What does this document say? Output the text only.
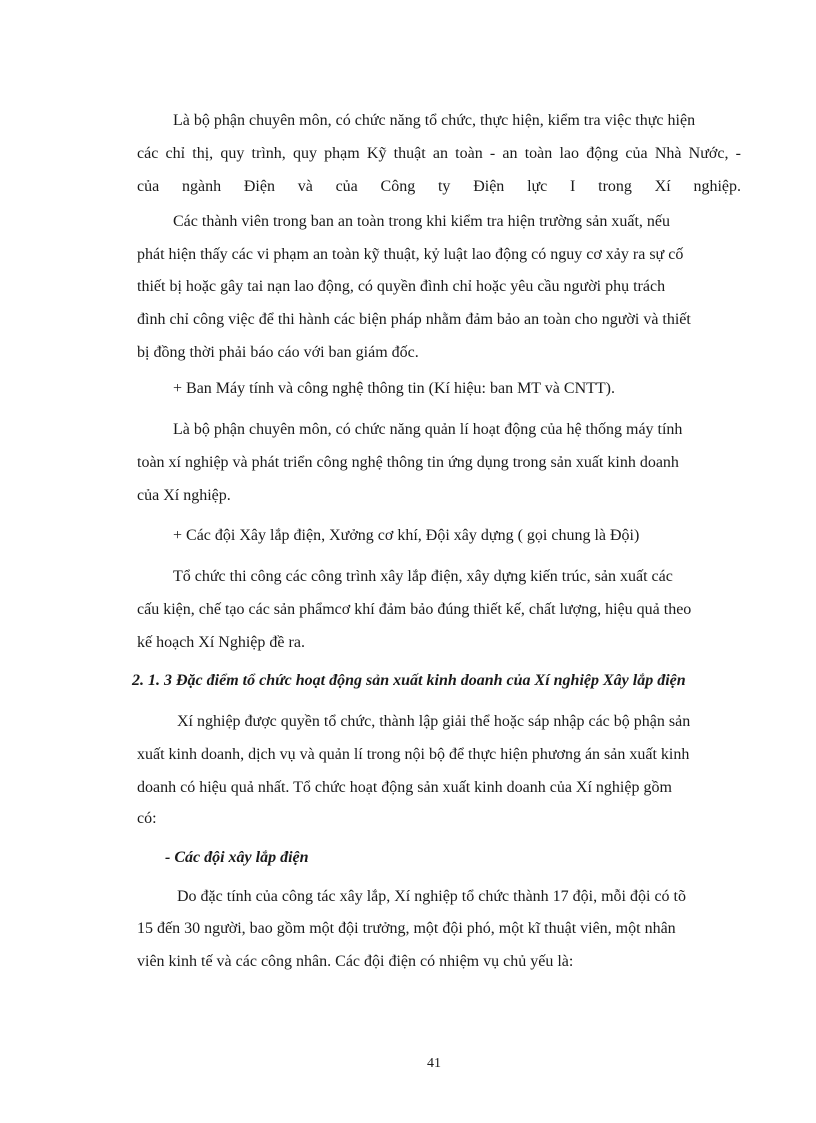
Là bộ phận chuyên môn, có chức năng tổ chức, thực hiện, kiểm tra việc thực hiện

các chỉ thị, quy trình, quy phạm Kỹ thuật an toàn - an toàn lao động của Nhà Nước, -

của ngành Điện và của Công ty Điện lực I trong Xí nghiệp.

Các thành viên trong ban an toàn trong khi kiểm tra hiện trường sản xuất, nếu

phát hiện thấy các vi phạm an toàn kỹ thuật, kỷ luật lao động có nguy cơ xảy ra sự cố

thiết bị hoặc gây tai nạn lao động, có quyền đình chỉ hoặc yêu cầu người phụ trách

đình chỉ công việc để thi hành các biện pháp nhằm đảm bảo an toàn cho người và thiết

bị đồng thời phải báo cáo với ban giám đốc.

+ Ban Máy tính và công nghệ thông tin (Kí hiệu: ban MT và CNTT).

Là bộ phận chuyên môn, có chức năng quản lí hoạt động của hệ thống máy tính

toàn xí nghiệp và phát triển công nghệ thông tin ứng dụng trong sản xuất kinh doanh

của Xí nghiệp.

+ Các đội Xây lắp điện, Xưởng cơ khí, Đội xây dựng ( gọi chung là Đội)

Tổ chức thi công các công trình xây lắp điện, xây dựng kiến trúc, sản xuất các

cấu kiện, chế tạo các sản phẩmcơ khí đảm bảo đúng thiết kế, chất lượng, hiệu quả theo

kế hoạch Xí Nghiệp đề ra.

2. 1. 3 Đặc điểm tổ chức hoạt động sản xuất kinh doanh của Xí nghiệp Xây lắp điện

Xí nghiệp được quyền tổ chức, thành lập giải thể hoặc sáp nhập các bộ phận sản

xuất kinh doanh, dịch vụ và quản lí trong nội bộ để thực hiện phương án sản xuất kinh

doanh có hiệu quả nhất. Tổ chức hoạt động sản xuất kinh doanh của Xí nghiệp gồm

có:

- Các đội xây lắp điện

Do đặc tính của công tác xây lắp, Xí nghiệp tổ chức thành 17 đội, mỗi đội có tõ

15 đến 30 người, bao gồm một đội trưởng, một đội phó, một kĩ thuật viên, một nhân

viên kinh tế và các công nhân. Các đội điện có nhiệm vụ chủ yếu là:

41
